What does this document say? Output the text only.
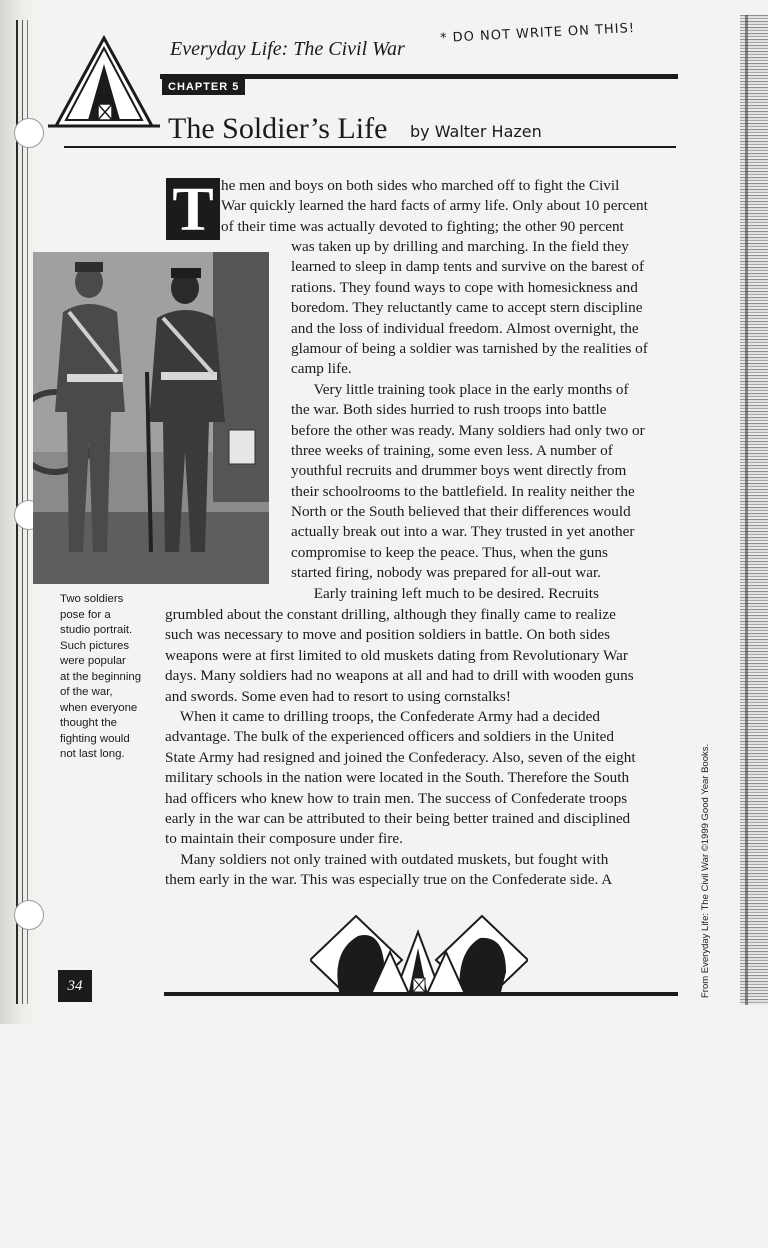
Everyday Life: The Civil War
* DO NOT WRITE ON THIS!
CHAPTER 5
The Soldier’s Life by Walter Hazen
T he men and boys on both sides who marched off to fight the Civil
War quickly learned the hard facts of army life. Only about 10 percent
of their time was actually devoted to fighting; the other 90 percent
was taken up by drilling and marching. In the field they
learned to sleep in damp tents and survive on the barest of
rations. They found ways to cope with homesickness and
boredom. They reluctantly came to accept stern discipline
and the loss of individual freedom. Almost overnight, the
glamour of being a soldier was tarnished by the realities of
camp life.
Very little training took place in the early months of
the war. Both sides hurried to rush troops into battle
before the other was ready. Many soldiers had only two or
three weeks of training, some even less. A number of
youthful recruits and drummer boys went directly from
their schoolrooms to the battlefield. In reality neither the
North or the South believed that their differences would
actually break out into a war. They trusted in yet another
compromise to keep the peace. Thus, when the guns
started firing, nobody was prepared for all-out war.
Early training left much to be desired. Recruits
grumbled about the constant drilling, although they finally came to realize
such was necessary to move and position soldiers in battle. On both sides
weapons were at first limited to old muskets dating from Revolutionary War
days. Many soldiers had no weapons at all and had to drill with wooden guns
and swords. Some even had to resort to using cornstalks!
When it came to drilling troops, the Confederate Army had a decided
advantage. The bulk of the experienced officers and soldiers in the United
State Army had resigned and joined the Confederacy. Also, seven of the eight
military schools in the nation were located in the South. Therefore the South
had officers who knew how to train men. The success of Confederate troops
early in the war can be attributed to their being better trained and disciplined
to maintain their composure under fire.
Many soldiers not only trained with outdated muskets, but fought with
them early in the war. This was especially true on the Confederate side. A
Two soldiers
pose for a
studio portrait.
Such pictures
were popular
at the beginning
of the war,
when everyone
thought the
fighting would
not last long.	From Everyday Life: The Civil War ©1999 Good Year Books.
34
